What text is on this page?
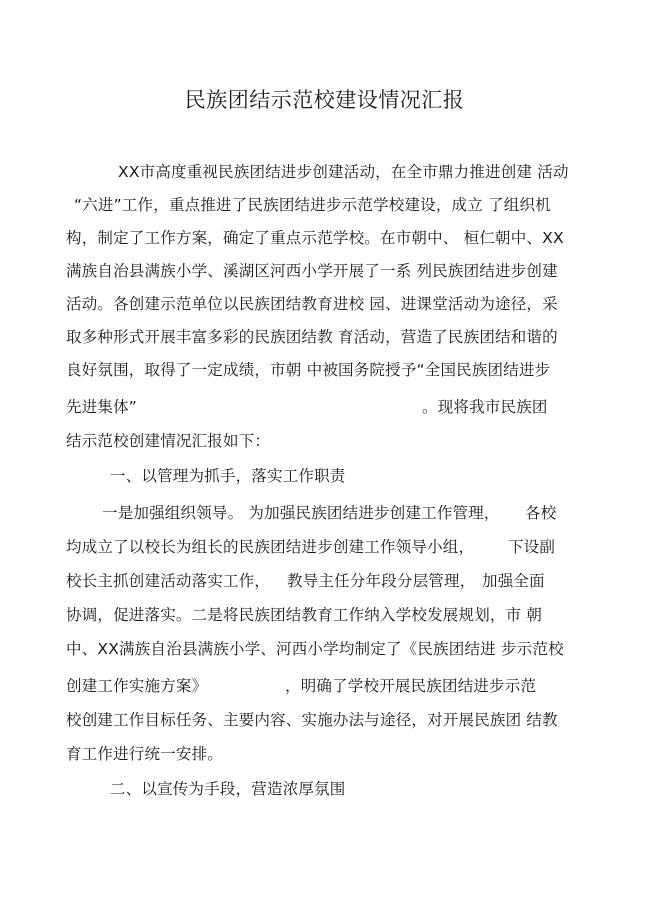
民族团结示范校建设情况汇报
XX市高度重视民族团结进步创建活动，在全市鼎力推进创建 活动
“六进”工作，重点推进了民族团结进步示范学校建设，成立 了组织机
构，制定了工作方案，确定了重点示范学校。在市朝中、 桓仁朝中、XX
满族自治县满族小学、溪湖区河西小学开展了一系 列民族团结进步创建
活动。各创建示范单位以民族团结教育进校 园、进课堂活动为途径，采
取多种形式开展丰富多彩的民族团结教 育活动，营造了民族团结和谐的
良好氛围，取得了一定成绩，市朝 中被国务院授予“全国民族团结进步
先进集体”	。现将我市民族团
结示范校创建情况汇报如下：
一、以管理为抓手，落实工作职责
一是加强组织领导。 为加强民族团结进步创建工作管理， 各校
均成立了以校长为组长的民族团结进步创建工作领导小组， 下设副
校长主抓创建活动落实工作， 教导主任分年段分层管理， 加强全面
协调，促进落实。二是将民族团结教育工作纳入学校发展规划，市 朝
中、XX满族自治县满族小学、河西小学均制定了《民族团结进 步示范校
创建工作实施方案》	，明确了学校开展民族团结进步示范
校创建工作目标任务、主要内容、实施办法与途径，对开展民族团 结教
育工作进行统一安排。
二、以宣传为手段，营造浓厚氛围
